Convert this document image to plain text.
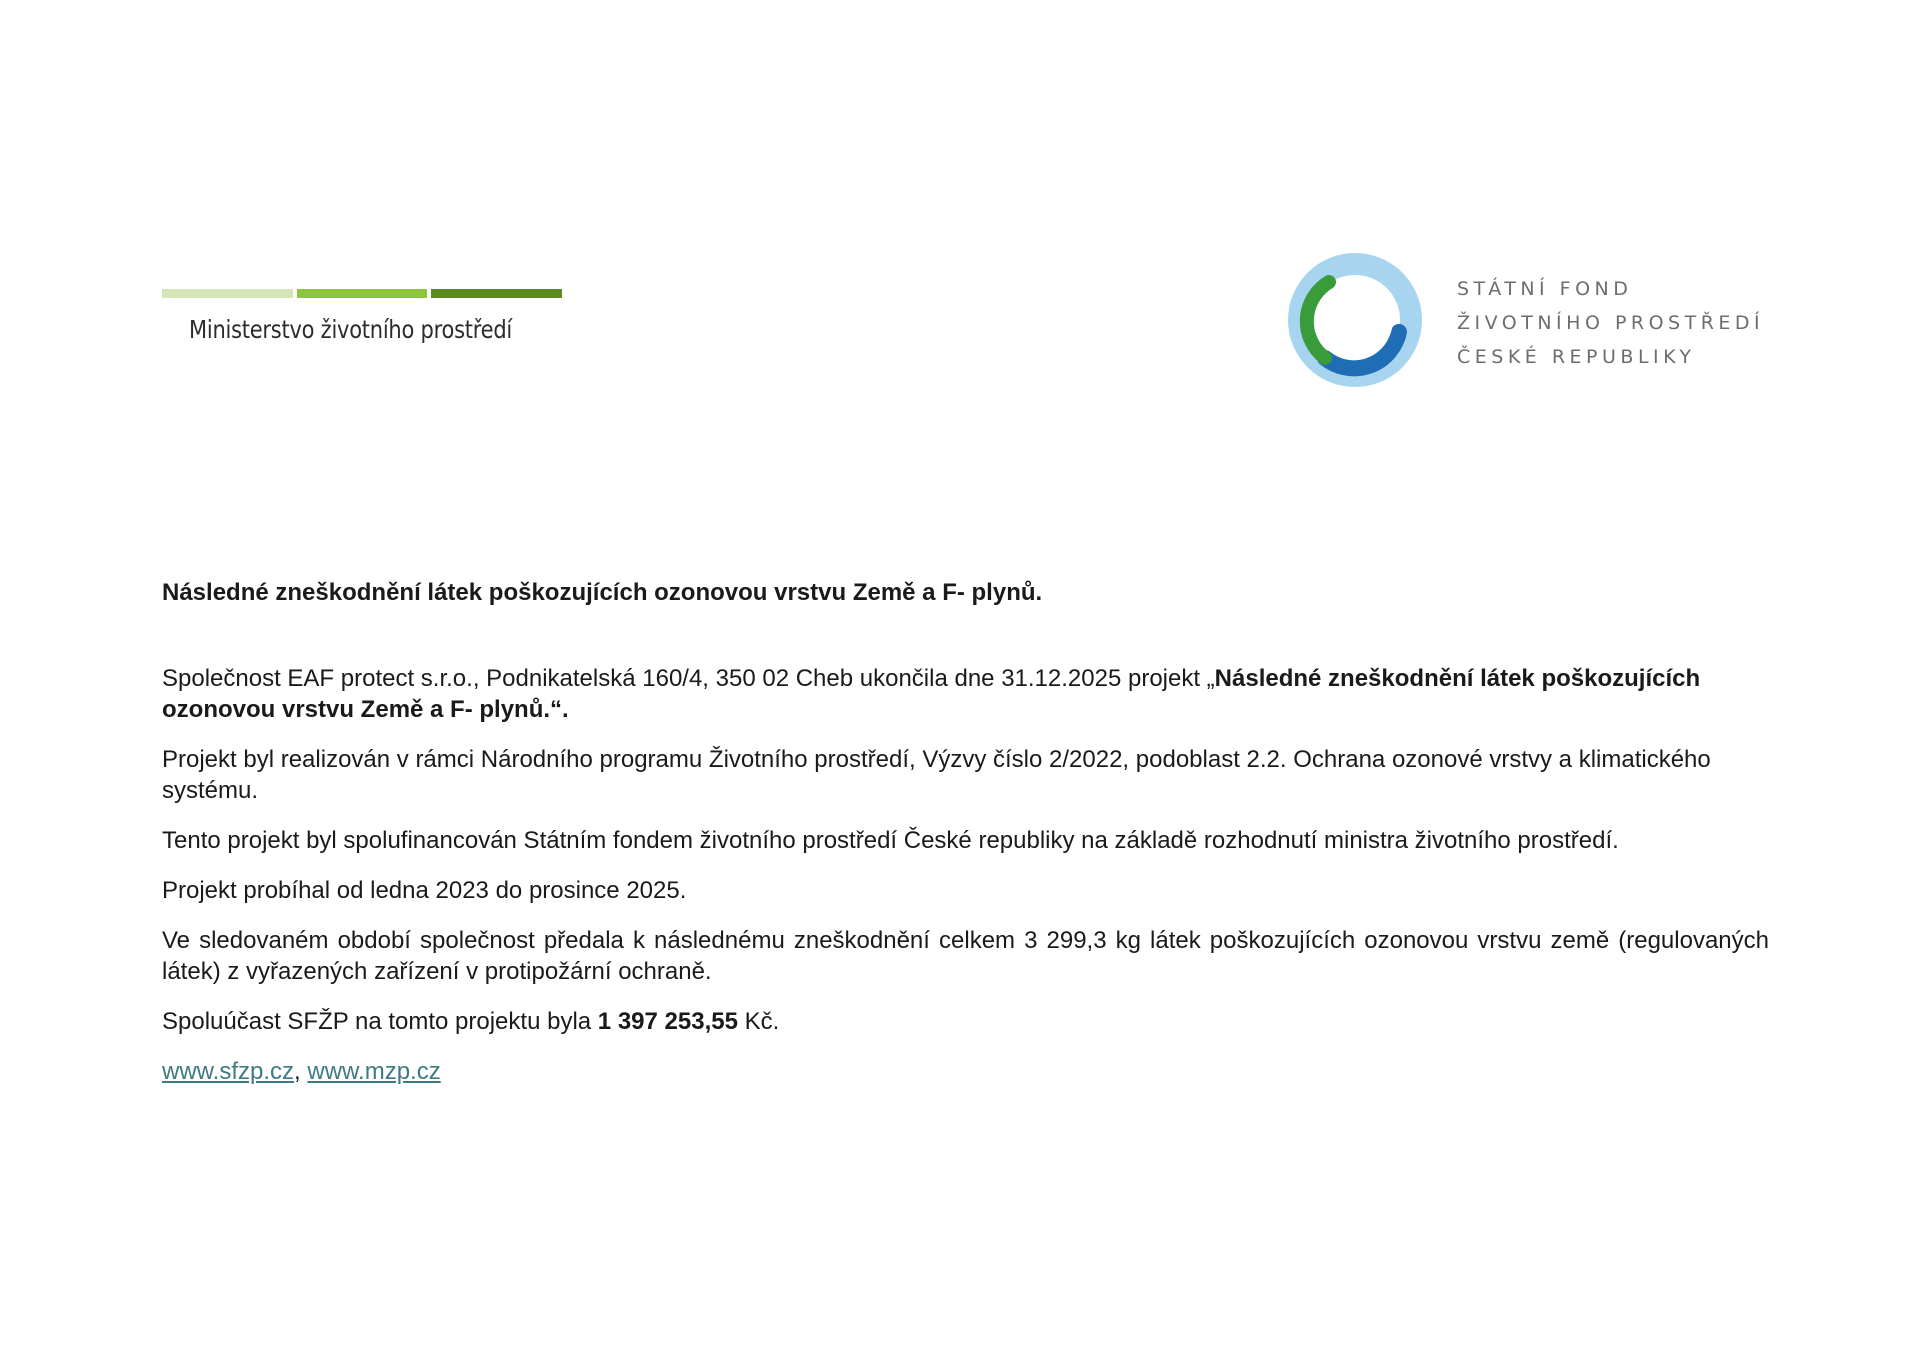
Ministerstvo životního prostředí
STÁTNÍ FOND
ŽIVOTNÍHO PROSTŘEDÍ
ČESKÉ REPUBLIKY
Následné zneškodnění látek poškozujících ozonovou vrstvu Země a F- plynů.

Společnost EAF protect s.r.o., Podnikatelská 160/4, 350 02 Cheb ukončila dne 31.12.2025 projekt „Následné zneškodnění látek poškozujících ozonovou vrstvu Země a F- plynů.“.

Projekt byl realizován v rámci Národního programu Životního prostředí, Výzvy číslo 2/2022, podoblast 2.2. Ochrana ozonové vrstvy a klimatického systému.

Tento projekt byl spolufinancován Státním fondem životního prostředí České republiky na základě rozhodnutí ministra životního prostředí.

Projekt probíhal od ledna 2023 do prosince 2025.

Ve sledovaném období společnost předala k následnému zneškodnění celkem 3 299,3 kg látek poškozujících ozonovou vrstvu země (regulovaných látek) z vyřazených zařízení v protipožární ochraně.

Spoluúčast SFŽP na tomto projektu byla 1 397 253,55 Kč.

www.sfzp.cz, www.mzp.cz
